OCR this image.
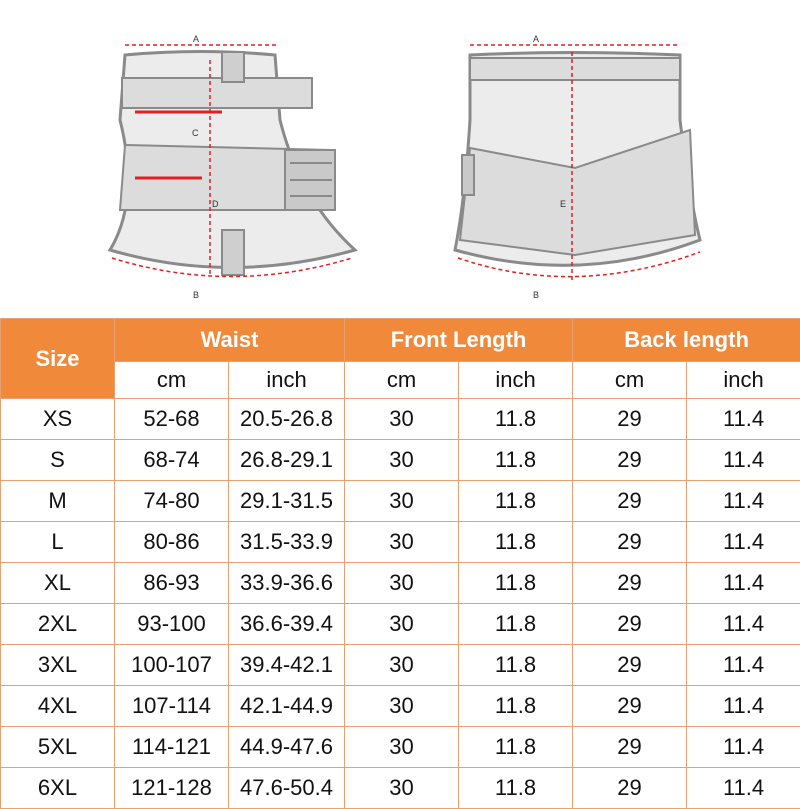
A
B
C
D
A
B
E
Size	Waist		Front Length		Back length	
	cm	inch	cm	inch	cm	inch
XS	52-68	20.5-26.8	30	11.8	29	11.4
S	68-74	26.8-29.1	30	11.8	29	11.4
M	74-80	29.1-31.5	30	11.8	29	11.4
L	80-86	31.5-33.9	30	11.8	29	11.4
XL	86-93	33.9-36.6	30	11.8	29	11.4
2XL	93-100	36.6-39.4	30	11.8	29	11.4
3XL	100-107	39.4-42.1	30	11.8	29	11.4
4XL	107-114	42.1-44.9	30	11.8	29	11.4
5XL	114-121	44.9-47.6	30	11.8	29	11.4
6XL	121-128	47.6-50.4	30	11.8	29	11.4
